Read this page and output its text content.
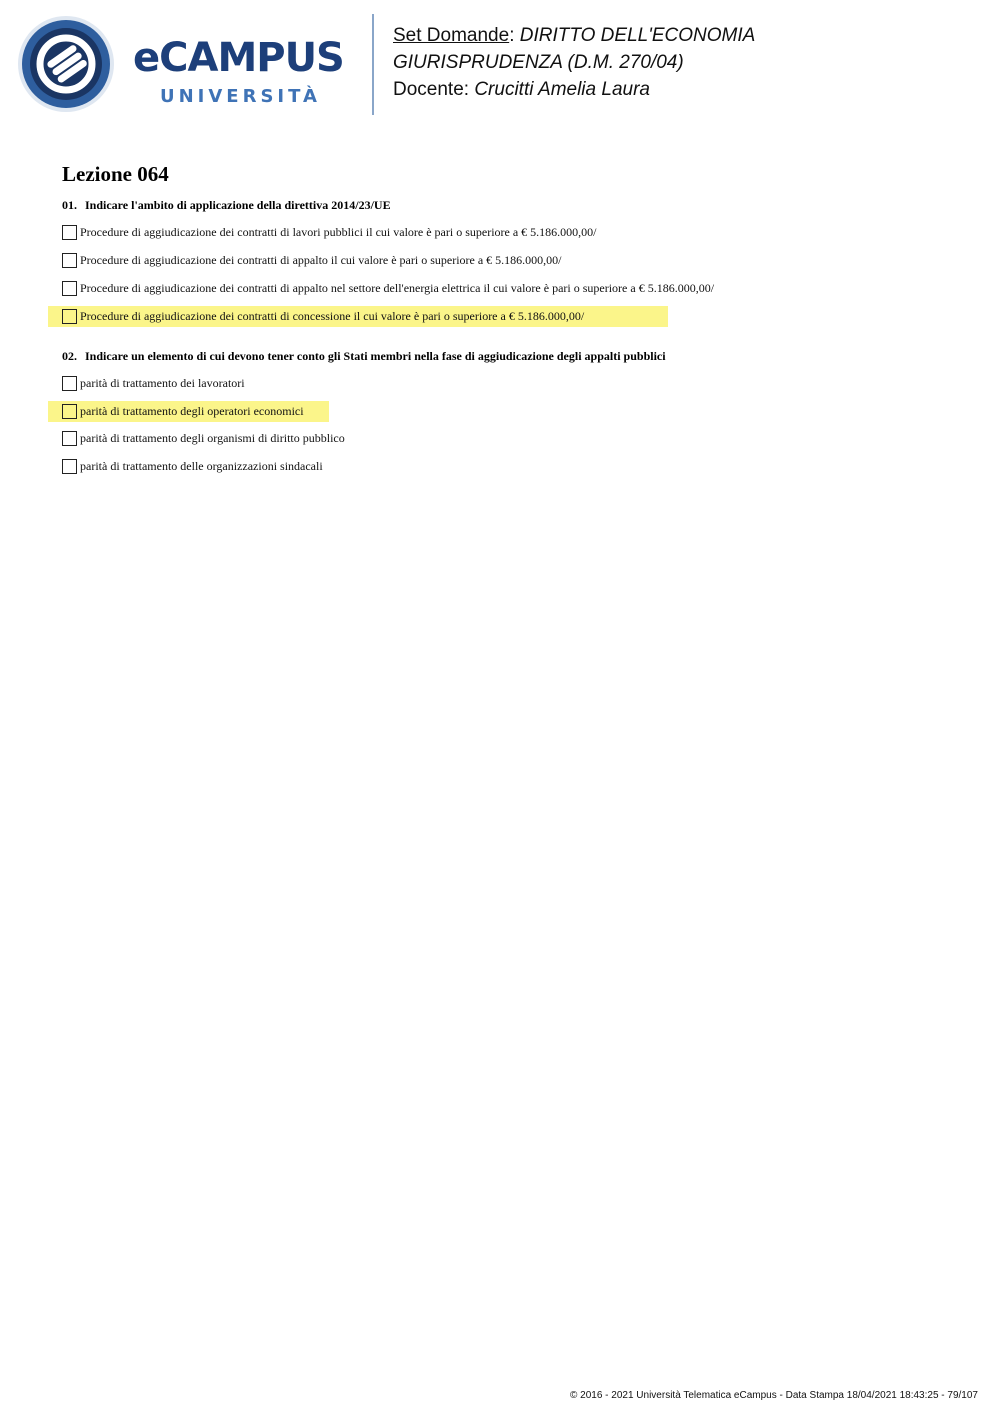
eCAMPUS
UNIVERSITÀ
Set Domande: DIRITTO DELL'ECONOMIA
GIURISPRUDENZA (D.M. 270/04)
Docente: Crucitti Amelia Laura
Lezione 064
01. Indicare l'ambito di applicazione della direttiva 2014/23/UE
Procedure di aggiudicazione dei contratti di lavori pubblici il cui valore è pari o superiore a € 5.186.000,00/
Procedure di aggiudicazione dei contratti di appalto il cui valore è pari o superiore a € 5.186.000,00/
Procedure di aggiudicazione dei contratti di appalto nel settore dell'energia elettrica il cui valore è pari o superiore a € 5.186.000,00/
Procedure di aggiudicazione dei contratti di concessione il cui valore è pari o superiore a € 5.186.000,00/
02. Indicare un elemento di cui devono tener conto gli Stati membri nella fase di aggiudicazione degli appalti pubblici
parità di trattamento dei lavoratori
parità di trattamento degli operatori economici
parità di trattamento degli organismi di diritto pubblico
parità di trattamento delle organizzazioni sindacali
© 2016 - 2021 Università Telematica eCampus - Data Stampa 18/04/2021 18:43:25 - 79/107
